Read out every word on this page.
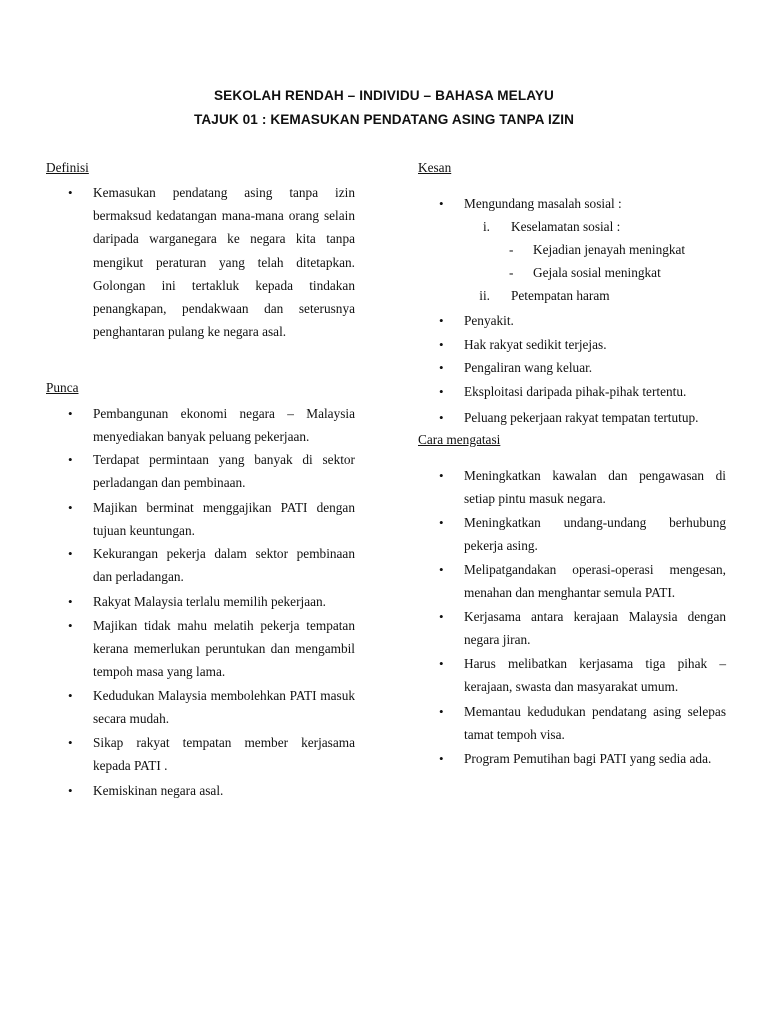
SEKOLAH RENDAH – INDIVIDU – BAHASA MELAYU
TAJUK 01 : KEMASUKAN PENDATANG ASING TANPA IZIN
Definisi
• Kemasukan pendatang asing tanpa izin bermaksud kedatangan mana-mana orang selain daripada warganegara ke negara kita tanpa mengikut peraturan yang telah ditetapkan. Golongan ini tertakluk kepada tindakan penangkapan, pendakwaan dan seterusnya penghantaran pulang ke negara asal.
Punca
• Pembangunan ekonomi negara – Malaysia menyediakan banyak peluang pekerjaan.
• Terdapat permintaan yang banyak di sektor perladangan dan pembinaan.
• Majikan berminat menggajikan PATI dengan tujuan keuntungan.
• Kekurangan pekerja dalam sektor pembinaan dan perladangan.
• Rakyat Malaysia terlalu memilih pekerjaan.
• Majikan tidak mahu melatih pekerja tempatan kerana memerlukan peruntukan dan mengambil tempoh masa yang lama.
• Kedudukan Malaysia membolehkan PATI masuk secara mudah.
• Sikap rakyat tempatan member kerjasama kepada PATI .
• Kemiskinan negara asal.
Kesan
• Mengundang masalah sosial :
i. Keselamatan sosial :
- Kejadian jenayah meningkat
- Gejala sosial meningkat
ii. Petempatan haram
• Penyakit.
• Hak rakyat sedikit terjejas.
• Pengaliran wang keluar.
• Eksploitasi daripada pihak-pihak tertentu.
• Peluang pekerjaan rakyat tempatan tertutup.
Cara mengatasi
• Meningkatkan kawalan dan pengawasan di setiap pintu masuk negara.
• Meningkatkan undang-undang berhubung pekerja asing.
• Melipatgandakan operasi-operasi mengesan, menahan dan menghantar semula PATI.
• Kerjasama antara kerajaan Malaysia dengan negara jiran.
• Harus melibatkan kerjasama tiga pihak – kerajaan, swasta dan masyarakat umum.
• Memantau kedudukan pendatang asing selepas tamat tempoh visa.
• Program Pemutihan bagi PATI yang sedia ada.
